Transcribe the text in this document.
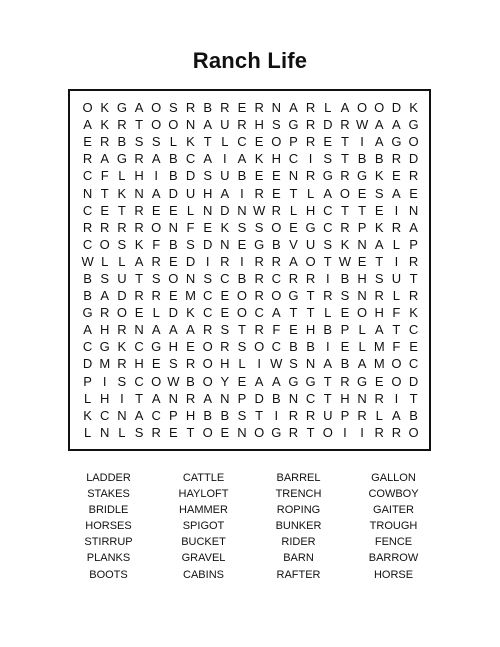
Ranch Life
O K G A O S R B R E R N A R L A O O D K
A K R T O O N A U R H S G R D R W A A G
E R B S S L K T L C E O P R E T I A G O
R A G R A B C A I A K H C I S T B B R D
C F L H I B D S U B E E N R G R G K E R
N T K N A D U H A I R E T L A O E S A E
C E T R E E L N D N W R L H C T T E I N
R R R R O N F E K S S O E G C R P K R A
C O S K F B S D N E G B V U S K N A L P
W L L A R E D I R I R R A O T W E T I R
B S U T S O N S C B R C R R I B H S U T
B A D R R E M C E O R O G T R S N R L R
G R O E L D K C E O C A T T L E O H F K
A H R N A A A R S T R F E H B P L A T C
C G K C G H E O R S O C B B I E L M F E
D M R H E S R O H L I W S N A B A M O C
P I S C O W B O Y E A A G G T R G E O D
L H I T A N R A N P D B N C T H N R I T
K C N A C P H B B S T I R R U P R L A B
L N L S R E T O E N O G R T O I	I R R O
LADDER	CATTLE	BARREL	GALLON
STAKES	HAYLOFT	TRENCH	COWBOY
BRIDLE	HAMMER	ROPING	GAITER
HORSES	SPIGOT	BUNKER	TROUGH
STIRRUP	BUCKET	RIDER	FENCE
PLANKS	GRAVEL	BARN	BARROW
BOOTS	CABINS	RAFTER	HORSE
